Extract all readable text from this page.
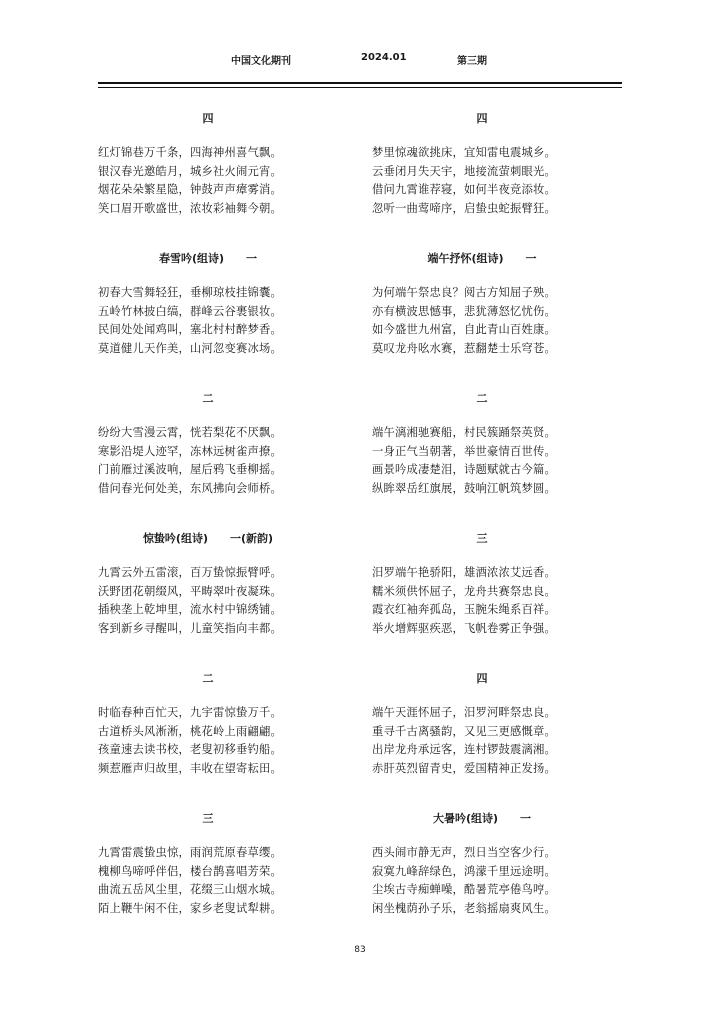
中国文化期刊	2024.01	第三期
四
红灯锦巷万千条，四海神州喜气飘。
银汉春光邀皓月，城乡社火闹元宵。
烟花朵朵繁星隐，钟鼓声声瘴雾消。
笑口眉开歌盛世，浓妆彩袖舞今朝。
春雪吟(组诗) 一
初春大雪舞轻狂，垂柳琼枝挂锦囊。
五岭竹林披白缟，群峰云谷裹银妆。
民间处处闻鸡叫，塞北村村醉梦香。
莫道健儿天作美，山河忽变赛冰场。
二
纷纷大雪漫云霄，恍若梨花不厌飘。
寒影沿堤人迹罕，冻林远树雀声撩。
门前雁过溪波响，屋后鸦飞垂柳摇。
借问春光何处美，东风拂向会师桥。
惊蛰吟(组诗) 一(新韵)
九霄云外五雷滚，百万蛰惊振臂呼。
沃野团花朝缀风，平畴翠叶夜凝珠。
插秧垄上乾坤里，流水村中锦绣铺。
客到新乡寻醒叫，儿童笑指向丰都。
二
时临春种百忙天，九宇雷惊蛰万千。
古道桥头风淅淅，桃花岭上雨翩翩。
孩童速去读书校，老叟初移垂钓船。
频惹雁声归故里，丰收在望寄耘田。
三
九霄雷震蛰虫惊，雨润荒原春草缨。
槐柳鸟啼呼伴侣，楼台鹊喜唱芳荣。
曲流五岳风尘里，花缀三山烟水城。
陌上鞭牛闲不住，家乡老叟试犁耕。
四
梦里惊魂欲挑床，宜知雷电震城乡。
云垂闭月失天宇，地接流萤刺眼光。
借问九霄谁荐寝，如何半夜竞添妆。
忽听一曲莺啼序，启蛰虫蛇振臂狂。
端午抒怀(组诗) 一
为何端午祭忠良？阅古方知屈子殃。
亦有横波思憾事，悲犹薄怒忆忧伤。
如今盛世九州富，自此青山百姓康。
莫叹龙舟吆水赛，惹翻楚士乐穹苍。
二
端午漓湘驰赛船，村民簇踊祭英贤。
一身正气当朝著，举世豪情百世传。
画景吟成凄楚泪，诗题赋就古今篇。
纵眸翠岳红旗展，鼓响江帆筑梦圆。
三
汨罗端午艳骄阳，雄酒浓浓艾远香。
糯米须供怀屈子，龙舟共赛祭忠良。
霞衣红袖奔孤岛，玉腕朱绳系百祥。
举火增辉驱疾恶，飞帆卷雾正争强。
四
端午天涯怀屈子，汨罗河畔祭忠良。
重寻千古离骚韵，又见三更感慨章。
出岸龙舟承远客，连村锣鼓震漓湘。
赤肝英烈留青史，爱国精神正发扬。
大暑吟(组诗) 一
西头闹市静无声，烈日当空客少行。
寂寞九峰辞绿色，鸿濛千里远途明。
尘埃古寺痴蝉噪，酷暑荒亭倦鸟哼。
闲坐槐荫孙子乐，老翁摇扇爽风生。
83
